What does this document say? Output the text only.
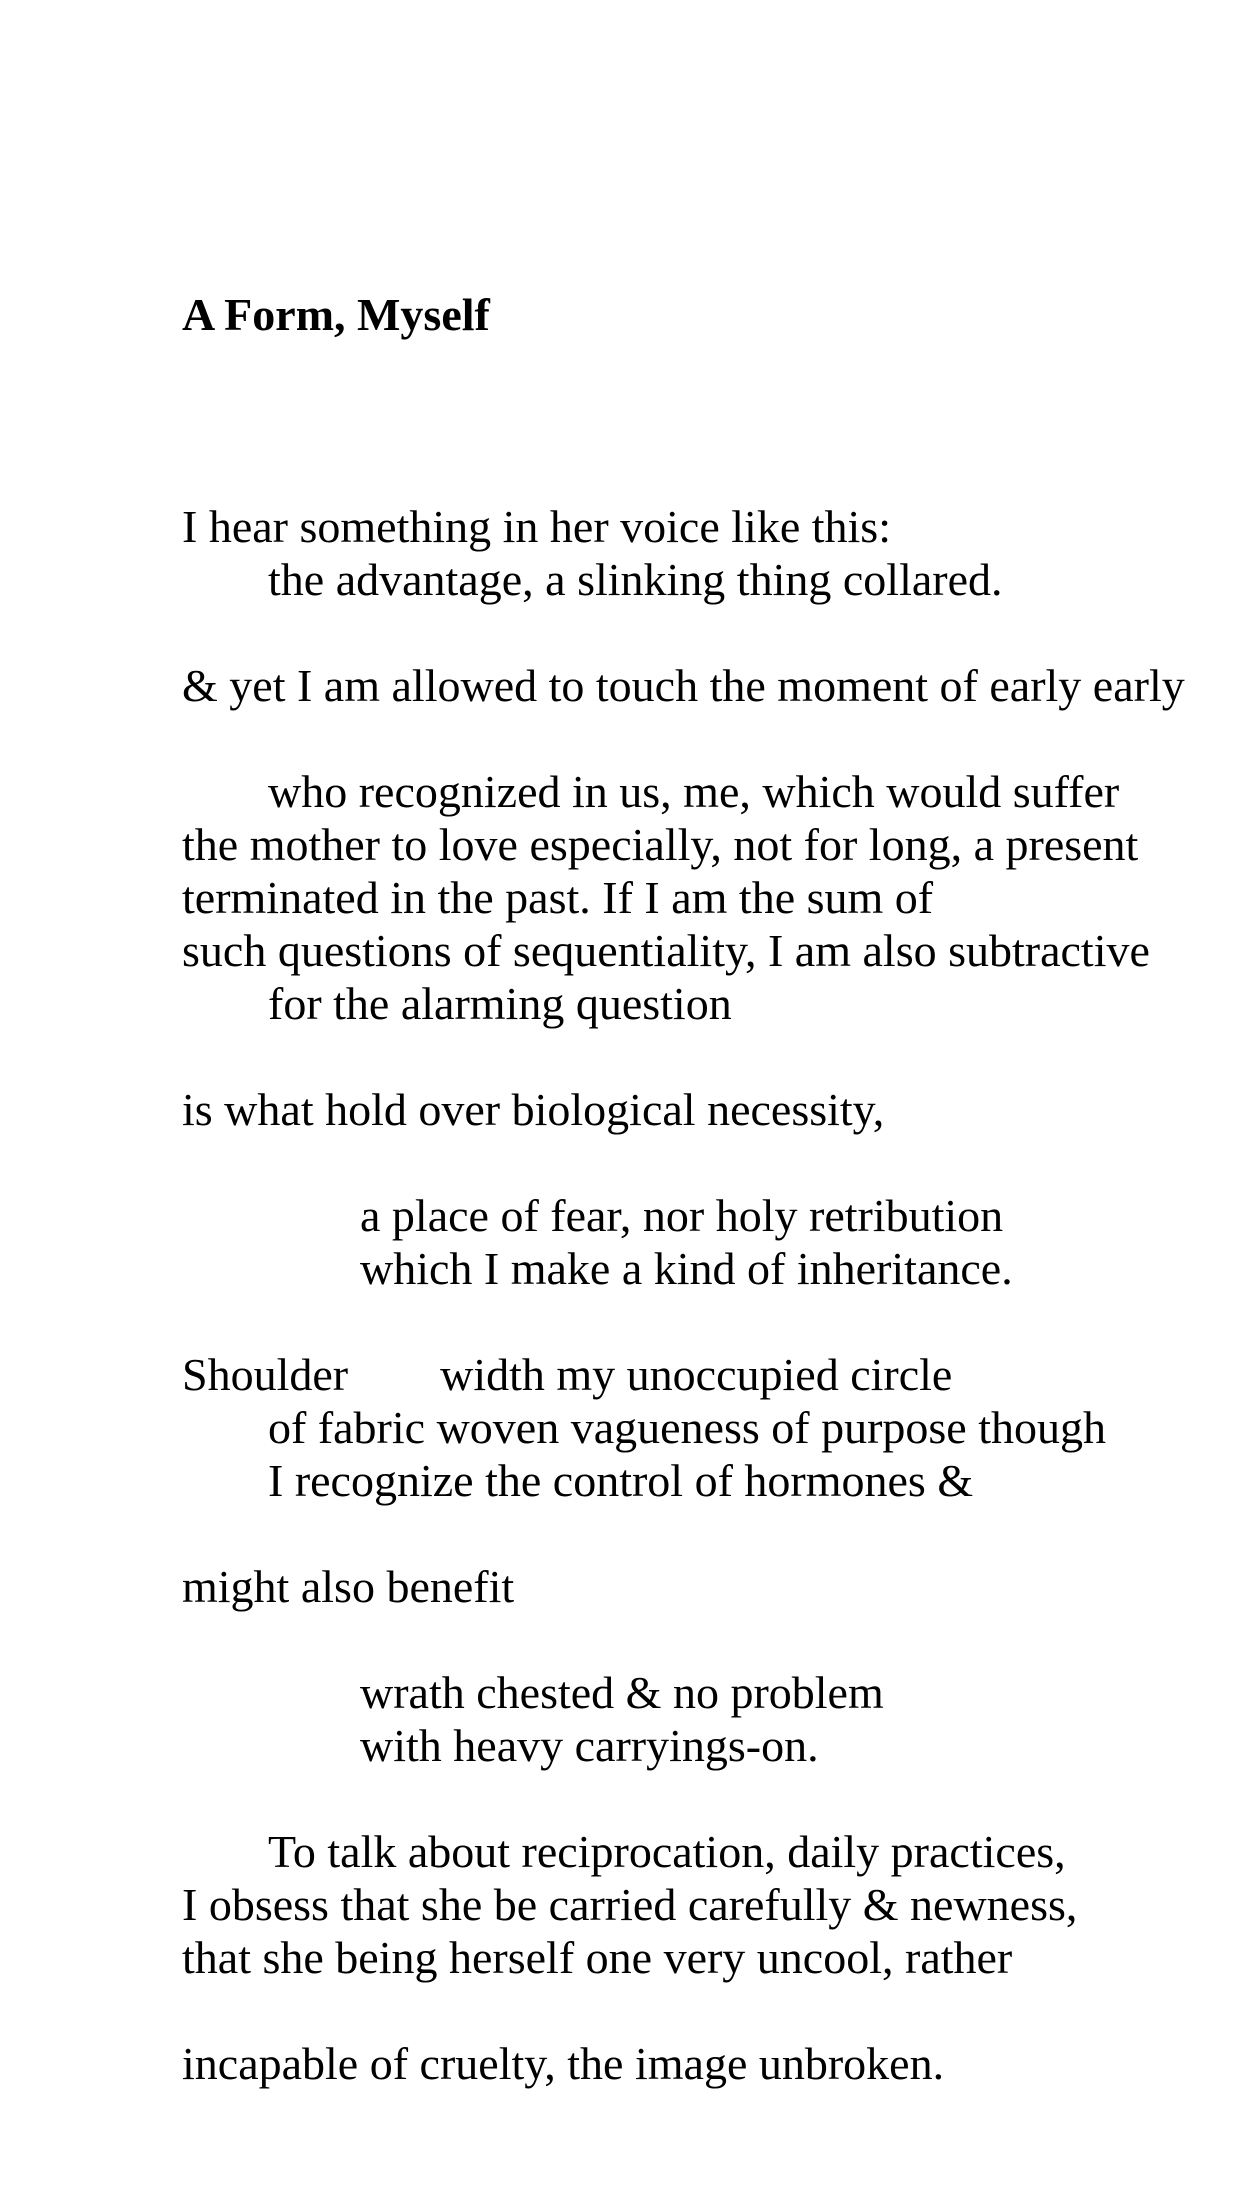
A Form, Myself

I hear something in her voice like this:
the advantage, a slinking thing collared.
& yet I am allowed to touch the moment of early early
who recognized in us, me, which would suffer
the mother to love especially, not for long, a present
terminated in the past. If I am the sum of
such questions of sequentiality, I am also subtractive
for the alarming question
is what hold over biological necessity,
a place of fear, nor holy retribution
which I make a kind of inheritance.
Shoulder        width my unoccupied circle
of fabric woven vagueness of purpose though
I recognize the control of hormones &
might also benefit
wrath chested & no problem
with heavy carryings-on.
To talk about reciprocation, daily practices,
I obsess that she be carried carefully & newness,
that she being herself one very uncool, rather
incapable of cruelty, the image unbroken.
